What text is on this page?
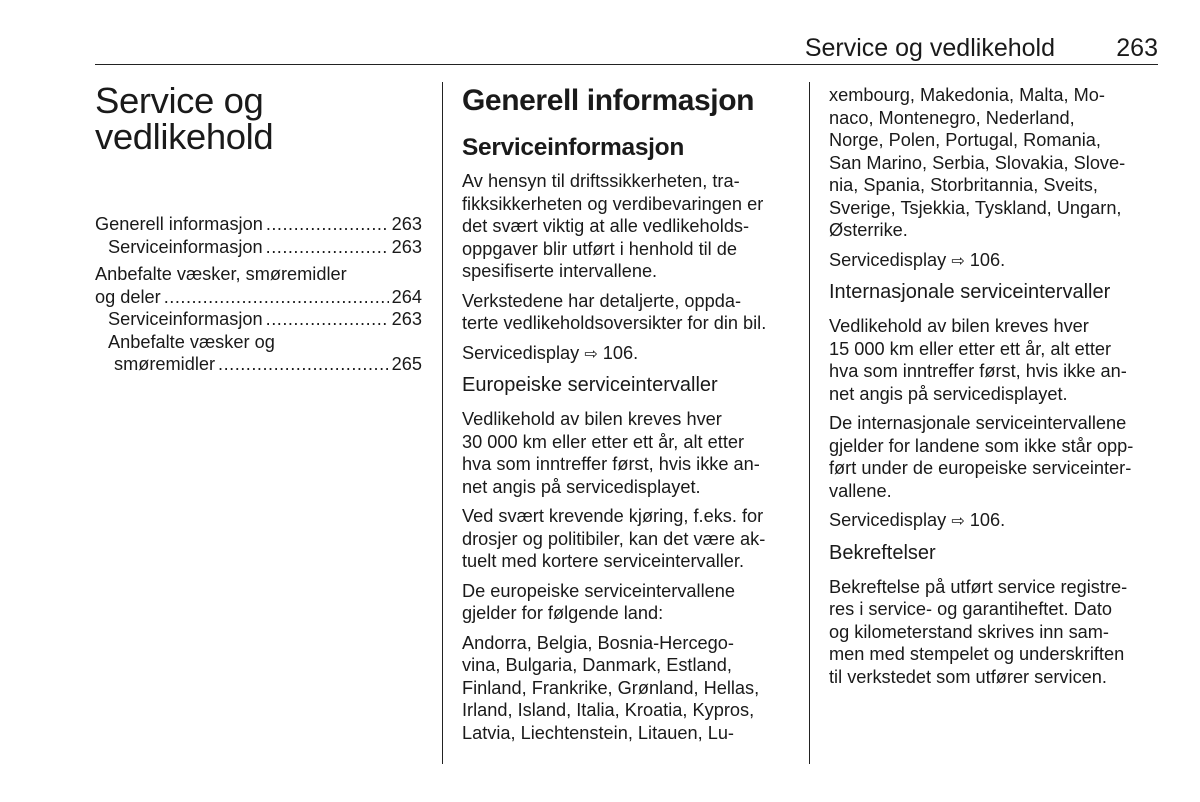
Service og vedlikehold 263
Service og
vedlikehold
Generell informasjon .....	263
Serviceinformasjon .....	263
Anbefalte væsker, smøremidler
og deler .....	264
Serviceinformasjon .....	263
Anbefalte væsker og
smøremidler .....	265
Generell informasjon
Serviceinformasjon

Av hensyn til driftssikkerheten, tra-
fikksikkerheten og verdibevaringen er
det svært viktig at alle vedlikeholds-
oppgaver blir utført i henhold til de
spesifiserte intervallene.

Verkstedene har detaljerte, oppda-
terte vedlikeholdsoversikter for din bil.

Servicedisplay ⇨ 106.

Europeiske serviceintervaller

Vedlikehold av bilen kreves hver
30 000 km eller etter ett år, alt etter
hva som inntreffer først, hvis ikke an-
net angis på servicedisplayet.

Ved svært krevende kjøring, f.eks. for
drosjer og politibiler, kan det være ak-
tuelt med kortere serviceintervaller.

De europeiske serviceintervallene
gjelder for følgende land:

Andorra, Belgia, Bosnia-Hercego-
vina, Bulgaria, Danmark, Estland,
Finland, Frankrike, Grønland, Hellas,
Irland, Island, Italia, Kroatia, Kypros,
Latvia, Liechtenstein, Litauen, Lu-

xembourg, Makedonia, Malta, Mo-
naco, Montenegro, Nederland,
Norge, Polen, Portugal, Romania,
San Marino, Serbia, Slovakia, Slove-
nia, Spania, Storbritannia, Sveits,
Sverige, Tsjekkia, Tyskland, Ungarn,
Østerrike.

Servicedisplay ⇨ 106.

Internasjonale serviceintervaller

Vedlikehold av bilen kreves hver
15 000 km eller etter ett år, alt etter
hva som inntreffer først, hvis ikke an-
net angis på servicedisplayet.

De internasjonale serviceintervallene
gjelder for landene som ikke står opp-
ført under de europeiske serviceinter-
vallene.

Servicedisplay ⇨ 106.

Bekreftelser

Bekreftelse på utført service registre-
res i service- og garantiheftet. Dato
og kilometerstand skrives inn sam-
men med stempelet og underskriften
til verkstedet som utfører servicen.
